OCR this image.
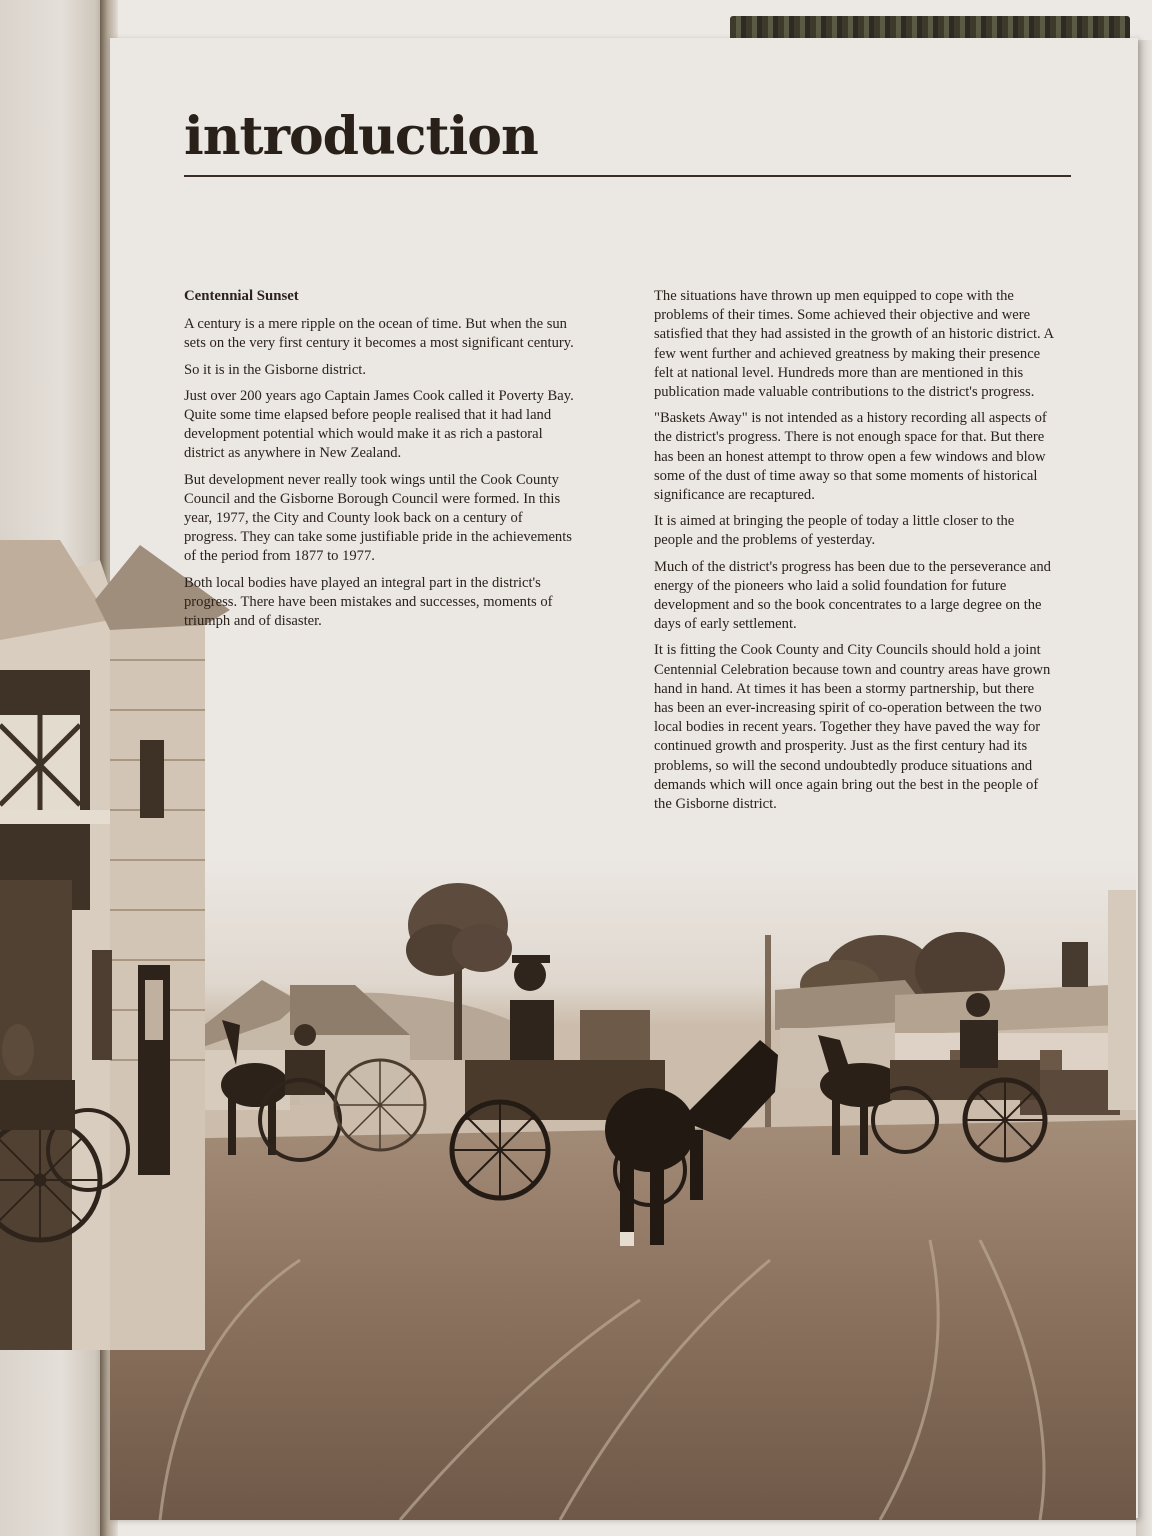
introduction
Centennial Sunset

A century is a mere ripple on the ocean of time. But when the sun sets on the very first century it becomes a most significant century.

So it is in the Gisborne district.

Just over 200 years ago Captain James Cook called it Poverty Bay. Quite some time elapsed before people realised that it had land development potential which would make it as rich a pastoral district as anywhere in New Zealand.

But development never really took wings until the Cook County Council and the Gisborne Borough Council were formed. In this year, 1977, the City and County look back on a century of progress. They can take some justifiable pride in the achievements of the period from 1877 to 1977.

Both local bodies have played an integral part in the district's progress. There have been mistakes and successes, moments of triumph and of disaster.

The situations have thrown up men equipped to cope with the problems of their times. Some achieved their objective and were satisfied that they had assisted in the growth of an historic district. A few went further and achieved greatness by making their presence felt at national level. Hundreds more than are mentioned in this publication made valuable contributions to the district's progress.

"Baskets Away" is not intended as a history recording all aspects of the district's progress. There is not enough space for that. But there has been an honest attempt to throw open a few windows and blow some of the dust of time away so that some moments of historical significance are recaptured.

It is aimed at bringing the people of today a little closer to the people and the problems of yesterday.

Much of the district's progress has been due to the perseverance and energy of the pioneers who laid a solid foundation for future development and so the book concentrates to a large degree on the days of early settlement.

It is fitting the Cook County and City Councils should hold a joint Centennial Celebration because town and country areas have grown hand in hand. At times it has been a stormy partnership, but there has been an ever-increasing spirit of co-operation between the two local bodies in recent years. Together they have paved the way for continued growth and prosperity. Just as the first century had its problems, so will the second undoubtedly produce situations and demands which will once again bring out the best in the people of the Gisborne district.
